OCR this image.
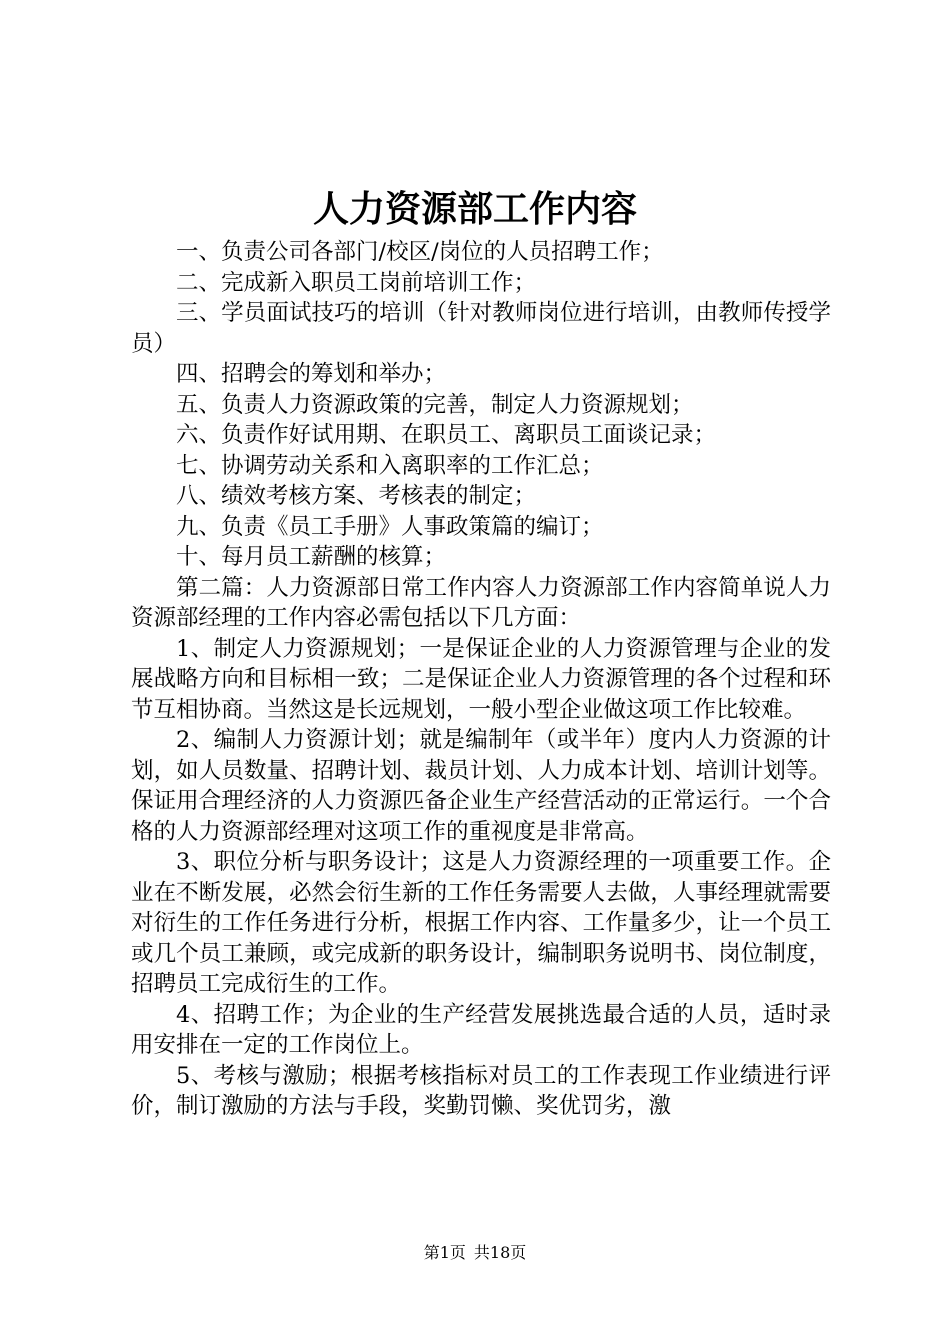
人力资源部工作内容

一、负责公司各部门/校区/岗位的人员招聘工作；

二、完成新入职员工岗前培训工作；

三、学员面试技巧的培训（针对教师岗位进行培训，由教师传授学员）

四、招聘会的筹划和举办；

五、负责人力资源政策的完善，制定人力资源规划；

六、负责作好试用期、在职员工、离职员工面谈记录；

七、协调劳动关系和入离职率的工作汇总；

八、绩效考核方案、考核表的制定；

九、负责《员工手册》人事政策篇的编订；

十、每月员工薪酬的核算；

第二篇：人力资源部日常工作内容人力资源部工作内容简单说人力资源部经理的工作内容必需包括以下几方面：

1、制定人力资源规划；一是保证企业的人力资源管理与企业的发展战略方向和目标相一致；二是保证企业人力资源管理的各个过程和环节互相协商。当然这是长远规划，一般小型企业做这项工作比较难。

2、编制人力资源计划；就是编制年（或半年）度内人力资源的计划，如人员数量、招聘计划、裁员计划、人力成本计划、培训计划等。保证用合理经济的人力资源匹备企业生产经营活动的正常运行。一个合格的人力资源部经理对这项工作的重视度是非常高。

3、职位分析与职务设计；这是人力资源经理的一项重要工作。企业在不断发展，必然会衍生新的工作任务需要人去做，人事经理就需要对衍生的工作任务进行分析，根据工作内容、工作量多少，让一个员工或几个员工兼顾，或完成新的职务设计，编制职务说明书、岗位制度，招聘员工完成衍生的工作。

4、招聘工作；为企业的生产经营发展挑选最合适的人员，适时录用安排在一定的工作岗位上。

5、考核与激励；根据考核指标对员工的工作表现工作业绩进行评价，制订激励的方法与手段，奖勤罚懒、奖优罚劣，激

第1页 共18页
